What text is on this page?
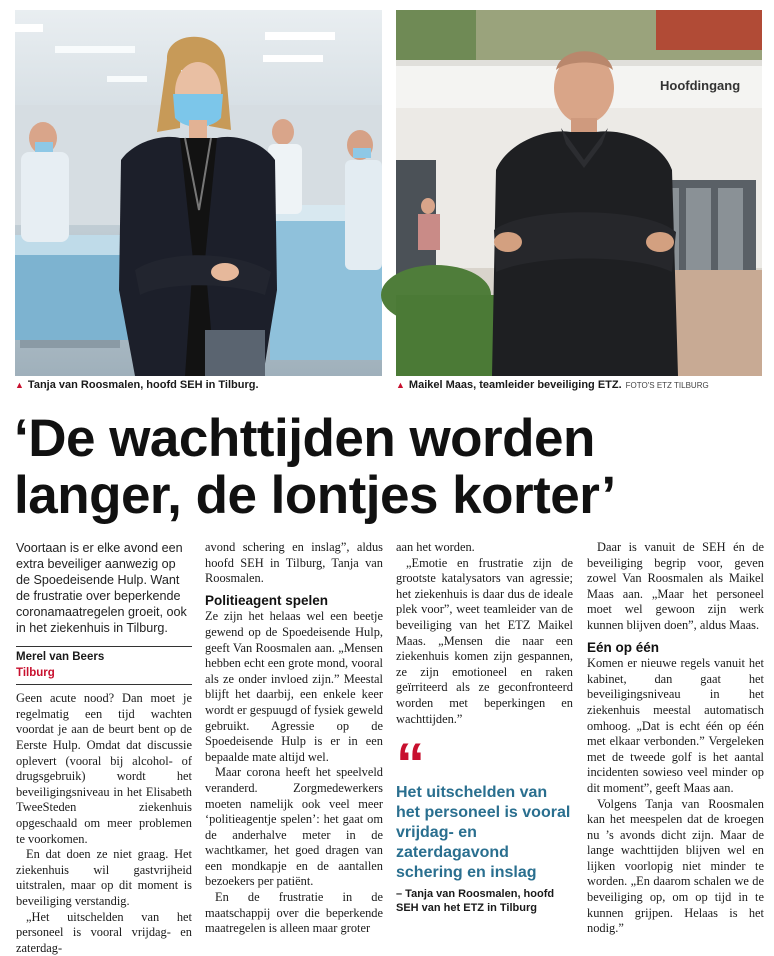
Hoofdingang
▲ Tanja van Roosmalen, hoofd SEH in Tilburg.	▲ Maikel Maas, teamleider beveiliging ETZ. FOTO'S ETZ TILBURG
‘De wachttijden worden langer, de lontjes korter’

Voortaan is er elke avond een extra beveiliger aanwezig op de Spoedeisende Hulp. Want de frustratie over beperkende coronamaatregelen groeit, ook in het ziekenhuis in Tilburg.

Merel van Beers
Tilburg

Geen acute nood? Dan moet je regelmatig een tijd wachten voordat je aan de beurt bent op de Eerste Hulp. Omdat dat discussie oplevert (vooral bij alcohol- of drugsgebruik) wordt het beveiligingsniveau in het Elisabeth TweeSteden ziekenhuis opgeschaald om meer problemen te voorkomen.

En dat doen ze niet graag. Het ziekenhuis wil gastvrijheid uitstralen, maar op dit moment is beveiliging verstandig.

„Het uitschelden van het personeel is vooral vrijdag- en zaterdag-

avond schering en inslag”, aldus hoofd SEH in Tilburg, Tanja van Roosmalen.

Politieagent spelen

Ze zijn het helaas wel een beetje gewend op de Spoedeisende Hulp, geeft Van Roosmalen aan. „Mensen hebben echt een grote mond, vooral als ze onder invloed zijn.” Meestal blijft het daarbij, een enkele keer wordt er gespuugd of fysiek geweld gebruikt. Agressie op de Spoedeisende Hulp is er in een bepaalde mate altijd wel.

Maar corona heeft het speelveld veranderd. Zorgmedewerkers moeten namelijk ook veel meer ‘politieagentje spelen’: het gaat om de anderhalve meter in de wachtkamer, het goed dragen van een mondkapje en de aantallen bezoekers per patiënt.

En de frustratie in de maatschappij over die beperkende maatregelen is alleen maar groter

aan het worden.

„Emotie en frustratie zijn de grootste katalysators van agressie; het ziekenhuis is daar dus de ideale plek voor”, weet teamleider van de beveiliging van het ETZ Maikel Maas. „Mensen die naar een ziekenhuis komen zijn gespannen, ze zijn emotioneel en raken geïrriteerd als ze geconfronteerd worden met beperkingen en wachttijden.”

“
Het uitschelden van het personeel is vooral vrijdag- en zaterdagavond schering en inslag
– Tanja van Roosmalen, hoofd SEH van het ETZ in Tilburg

Daar is vanuit de SEH én de beveiliging begrip voor, geven zowel Van Roosmalen als Maikel Maas aan. „Maar het personeel moet wel gewoon zijn werk kunnen blijven doen”, aldus Maas.

Eén op één

Komen er nieuwe regels vanuit het kabinet, dan gaat het beveiligingsniveau in het ziekenhuis meestal automatisch omhoog. „Dat is echt één op één met elkaar verbonden.” Vergeleken met de tweede golf is het aantal incidenten sowieso veel minder op dit moment”, geeft Maas aan.

Volgens Tanja van Roosmalen kan het meespelen dat de kroegen nu ’s avonds dicht zijn. Maar de lange wachttijden blijven wel en lijken voorlopig niet minder te worden. „En daarom schalen we de beveiliging op, om op tijd in te kunnen grijpen. Helaas is het nodig.”
